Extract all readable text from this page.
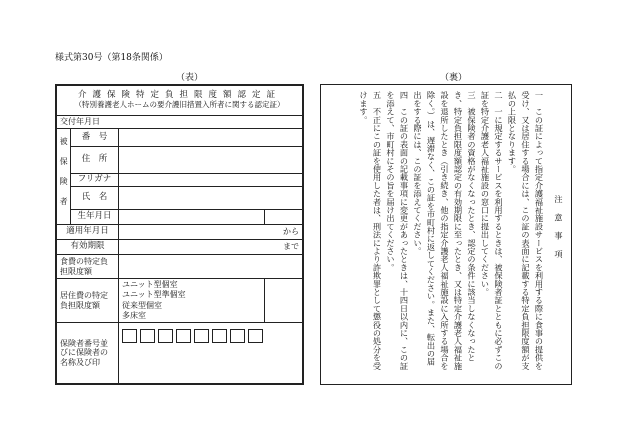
様式第30号（第18条関係）
（表）	（裏）
介護保険特定負担限度額認定証
（特別養護老人ホームの要介護旧措置入所者に関する認定証）			

交付年月日			
被保険者	番　号		
	住　所		
	フリガナ		
	氏　名		
	生年月日		
適用年月日		から	
有効期限		まで	
食費の特定負担限度額			
居住費の特定負担限度額		ユニット型個室
ユニット型準個室
従来型個室
多床室	

保険者番号並びに保険者の名称及び印			
注意事項

一　この証によって指定介護福祉施設サービスを利用する際に食事の提供を受け、又は居住する場合には、この証の表面に記載する特定負担限度額が支払の上限となります。

二　一に規定するサービスを利用するときは、被保険者証とともに必ずこの証を特定介護老人福祉施設の窓口に提出してください。

三　被保険者の資格がなくなったとき、認定の条件に該当しなくなったとき、特定負担限度額認定の有効期限に至ったとき、又は特定介護老人福祉施設を退所したとき（引き続き、他の指定介護老人福祉施設に入所する場合を除く。）は、遅滞なく、この証を市町村に返してください。また、転出の届出をする際には、この証を添えてください。

四　この証の表面の記載事項に変更があったときは、十四日以内に、この証を添えて、市町村にその旨を届け出てください。

五　不正にこの証を使用した者は、刑法により詐欺罪として懲役の処分を受けます。
